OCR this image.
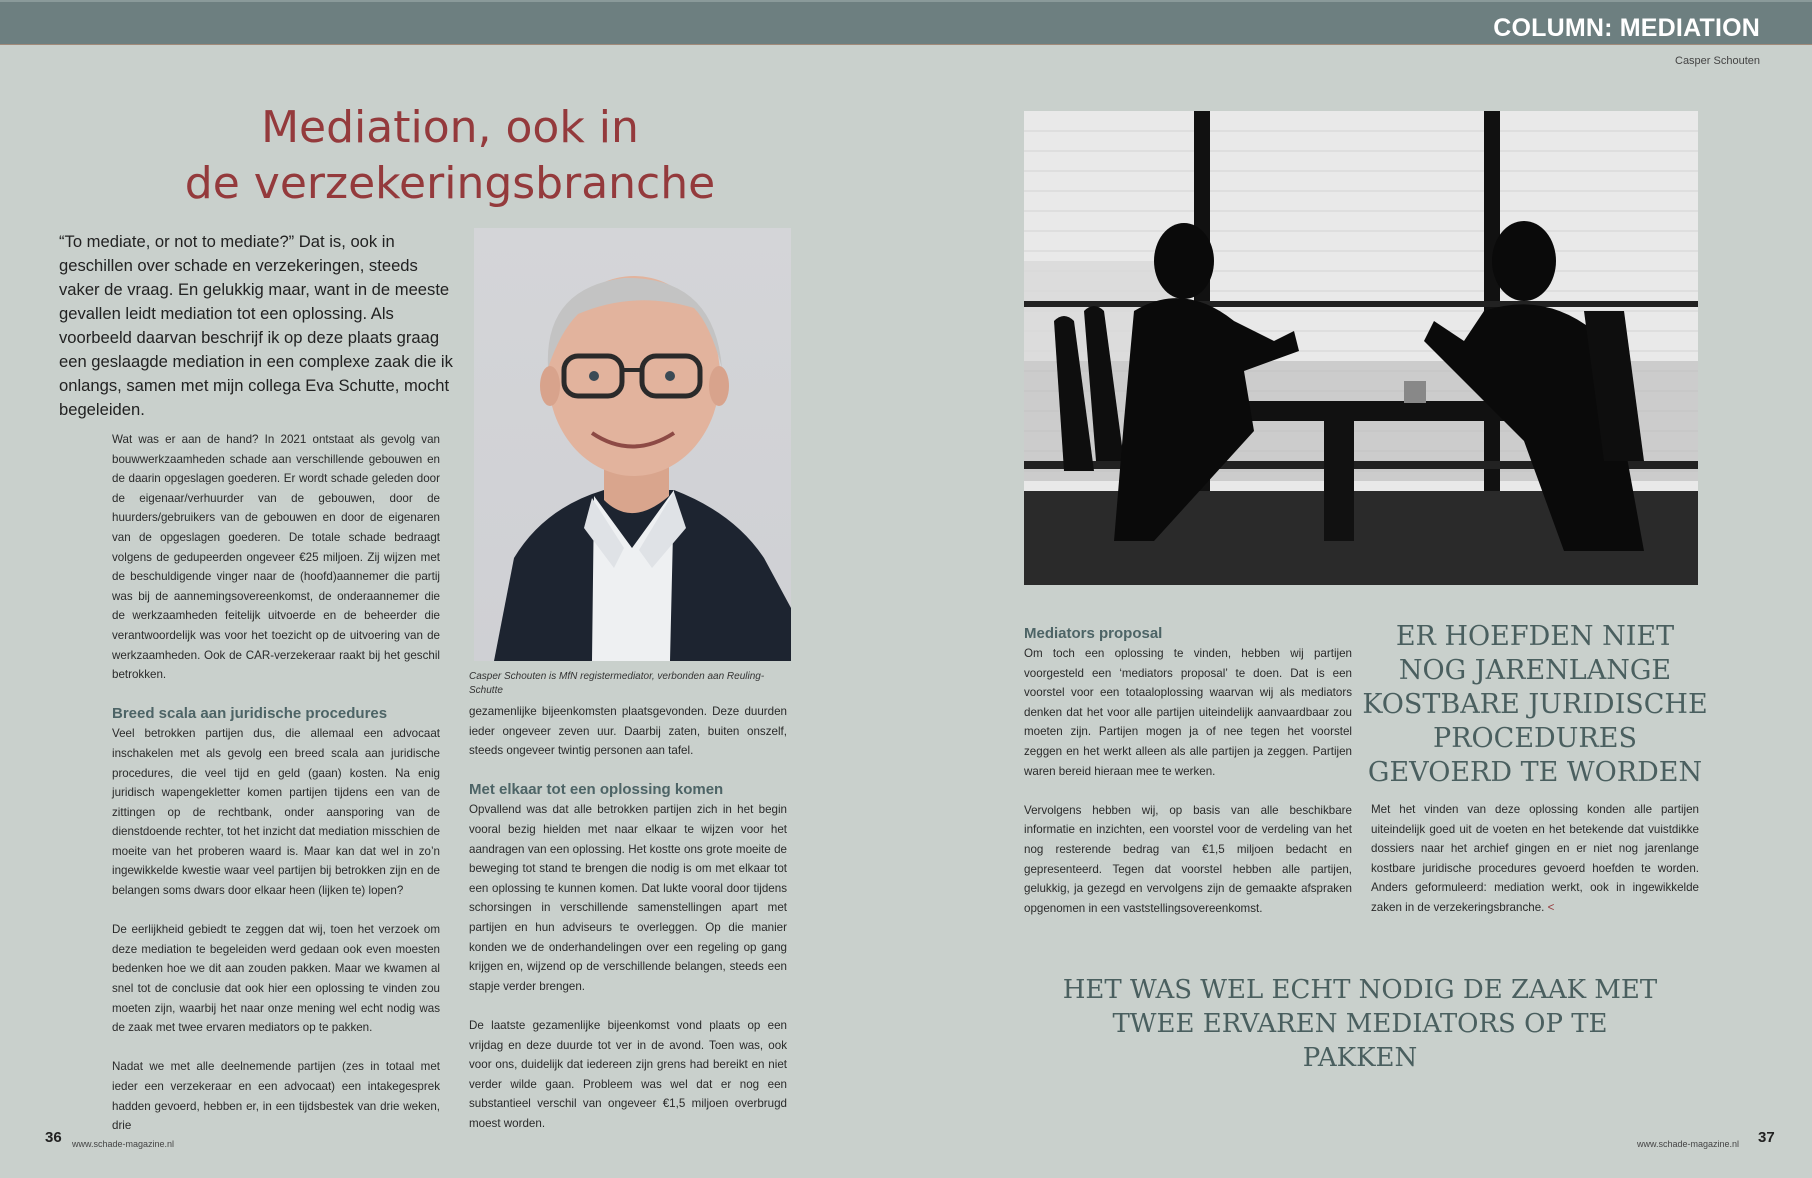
COLUMN: MEDIATION
Casper Schouten
Mediation, ook in
de verzekeringsbranche
“To mediate, or not to mediate?” Dat is, ook in geschillen over schade en verzekeringen, steeds vaker de vraag. En gelukkig maar, want in de meeste gevallen leidt mediation tot een oplossing. Als voorbeeld daarvan beschrijf ik op deze plaats graag een geslaagde mediation in een complexe zaak die ik onlangs, samen met mijn collega Eva Schutte, mocht begeleiden.
Casper Schouten is MfN registermediator, verbonden aan Reuling-Schutte

Wat was er aan de hand? In 2021 ontstaat als gevolg van bouwwerkzaamheden schade aan verschillende gebouwen en de daarin opgeslagen goederen. Er wordt schade geleden door de eigenaar/verhuurder van de gebouwen, door de huurders/gebruikers van de gebouwen en door de eigenaren van de opgeslagen goederen. De totale schade bedraagt volgens de gedupeerden ongeveer €25 miljoen. Zij wijzen met de beschuldigende vinger naar de (hoofd)aannemer die partij was bij de aannemingsovereenkomst, de onderaannemer die de werkzaamheden feitelijk uitvoerde en de beheerder die verantwoordelijk was voor het toezicht op de uitvoering van de werkzaamheden. Ook de CAR-verzekeraar raakt bij het geschil betrokken.

Breed scala aan juridische procedures

Veel betrokken partijen dus, die allemaal een advocaat inschakelen met als gevolg een breed scala aan juridische procedures, die veel tijd en geld (gaan) kosten. Na enig juridisch wapengekletter komen partijen tijdens een van de zittingen op de rechtbank, onder aansporing van de dienstdoende rechter, tot het inzicht dat mediation misschien de moeite van het proberen waard is. Maar kan dat wel in zo’n ingewikkelde kwestie waar veel partijen bij betrokken zijn en de belangen soms dwars door elkaar heen (lijken te) lopen?

De eerlijkheid gebiedt te zeggen dat wij, toen het verzoek om deze mediation te begeleiden werd gedaan ook even moesten bedenken hoe we dit aan zouden pakken. Maar we kwamen al snel tot de conclusie dat ook hier een oplossing te vinden zou moeten zijn, waarbij het naar onze mening wel echt nodig was de zaak met twee ervaren mediators op te pakken.

Nadat we met alle deelnemende partijen (zes in totaal met ieder een verzekeraar en een advocaat) een intakegesprek hadden gevoerd, hebben er, in een tijdsbestek van drie weken, drie

gezamenlijke bijeenkomsten plaatsgevonden. Deze duurden ieder ongeveer zeven uur. Daarbij zaten, buiten onszelf, steeds ongeveer twintig personen aan tafel.

Met elkaar tot een oplossing komen

Opvallend was dat alle betrokken partijen zich in het begin vooral bezig hielden met naar elkaar te wijzen voor het aandragen van een oplossing. Het kostte ons grote moeite de beweging tot stand te brengen die nodig is om met elkaar tot een oplossing te kunnen komen. Dat lukte vooral door tijdens schorsingen in verschillende samenstellingen apart met partijen en hun adviseurs te overleggen. Op die manier konden we de onderhandelingen over een regeling op gang krijgen en, wijzend op de verschillende belangen, steeds een stapje verder brengen.

De laatste gezamenlijke bijeenkomst vond plaats op een vrijdag en deze duurde tot ver in de avond. Toen was, ook voor ons, duidelijk dat iedereen zijn grens had bereikt en niet verder wilde gaan. Probleem was wel dat er nog een substantieel verschil van ongeveer €1,5 miljoen overbrugd moest worden.

Mediators proposal

Om toch een oplossing te vinden, hebben wij partijen voorgesteld een ‘mediators proposal’ te doen. Dat is een voorstel voor een totaaloplossing waarvan wij als mediators denken dat het voor alle partijen uiteindelijk aanvaardbaar zou moeten zijn. Partijen mogen ja of nee tegen het voorstel zeggen en het werkt alleen als alle partijen ja zeggen. Partijen waren bereid hieraan mee te werken.

Vervolgens hebben wij, op basis van alle beschikbare informatie en inzichten, een voorstel voor de verdeling van het nog resterende bedrag van €1,5 miljoen bedacht en gepresenteerd. Tegen dat voorstel hebben alle partijen, gelukkig, ja gezegd en vervolgens zijn de gemaakte afspraken opgenomen in een vaststellingsovereenkomst.

ER HOEFDEN NIET NOG JARENLANGE KOSTBARE JURIDISCHE PROCEDURES GEVOERD TE WORDEN

Met het vinden van deze oplossing konden alle partijen uiteindelijk goed uit de voeten en het betekende dat vuistdikke dossiers naar het archief gingen en er niet nog jarenlange kostbare juridische procedures gevoerd hoefden te worden. Anders geformuleerd: mediation werkt, ook in ingewikkelde zaken in de verzekeringsbranche. <

HET WAS WEL ECHT NODIG DE ZAAK MET TWEE ERVAREN MEDIATORS OP TE PAKKEN
36 www.schade-magazine.nl	www.schade-magazine.nl 37
